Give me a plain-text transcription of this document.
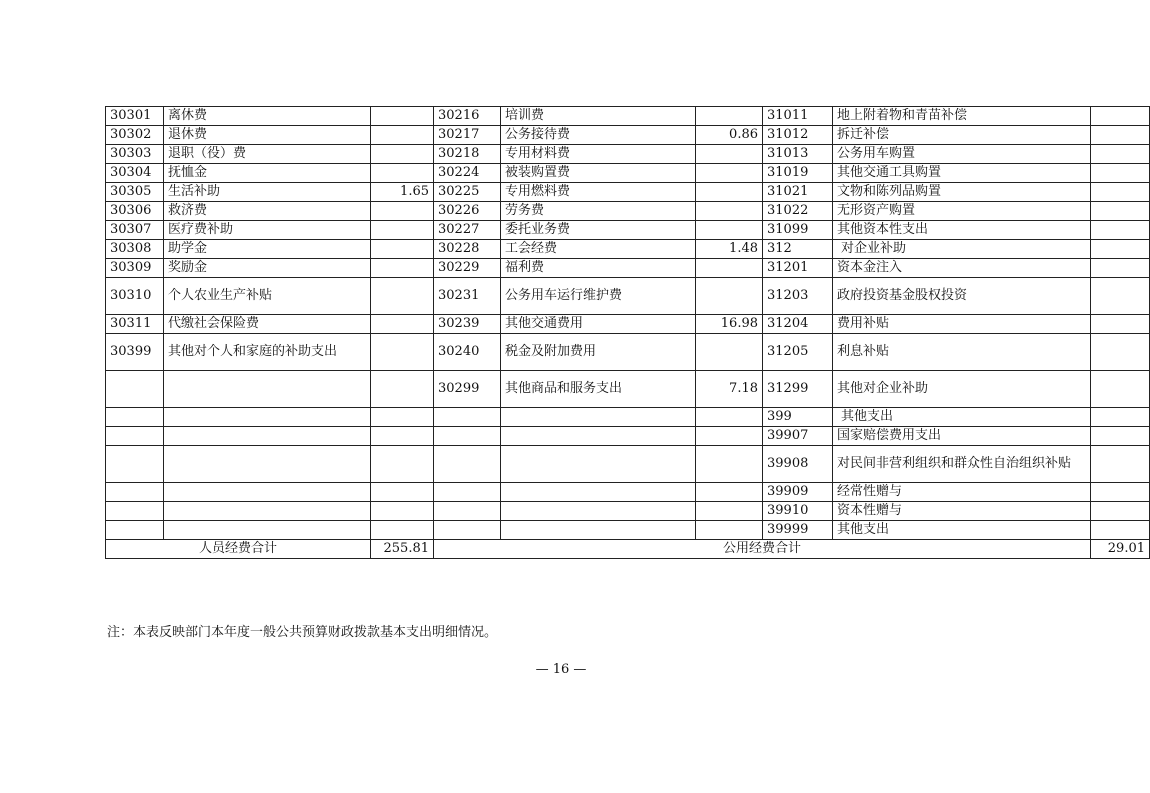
30301	离休费		30216	培训费		31011	地上附着物和青苗补偿	
30302	退休费		30217	公务接待费	0.86	31012	拆迁补偿	
30303	退职（役）费		30218	专用材料费		31013	公务用车购置	
30304	抚恤金		30224	被装购置费		31019	其他交通工具购置	
30305	生活补助	1.65	30225	专用燃料费		31021	文物和陈列品购置	
30306	救济费		30226	劳务费		31022	无形资产购置	
30307	医疗费补助		30227	委托业务费		31099	其他资本性支出	
30308	助学金		30228	工会经费	1.48	312	对企业补助	
30309	奖励金		30229	福利费		31201	资本金注入	
30310	个人农业生产补贴		30231	公务用车运行维护费		31203	政府投资基金股权投资	
30311	代缴社会保险费		30239	其他交通费用	16.98	31204	费用补贴	
30399	其他对个人和家庭的补助支出		30240	税金及附加费用		31205	利息补贴	
			30299	其他商品和服务支出	7.18	31299	其他对企业补助	
						399	其他支出	
						39907	国家赔偿费用支出	
						39908	对民间非营利组织和群众性自治组织补贴	
						39909	经常性赠与	
						39910	资本性赠与	
						39999	其他支出	
人员经费合计		255.81	公用经费合计					29.01
注：本表反映部门本年度一般公共预算财政拨款基本支出明细情况。
— 16 —
